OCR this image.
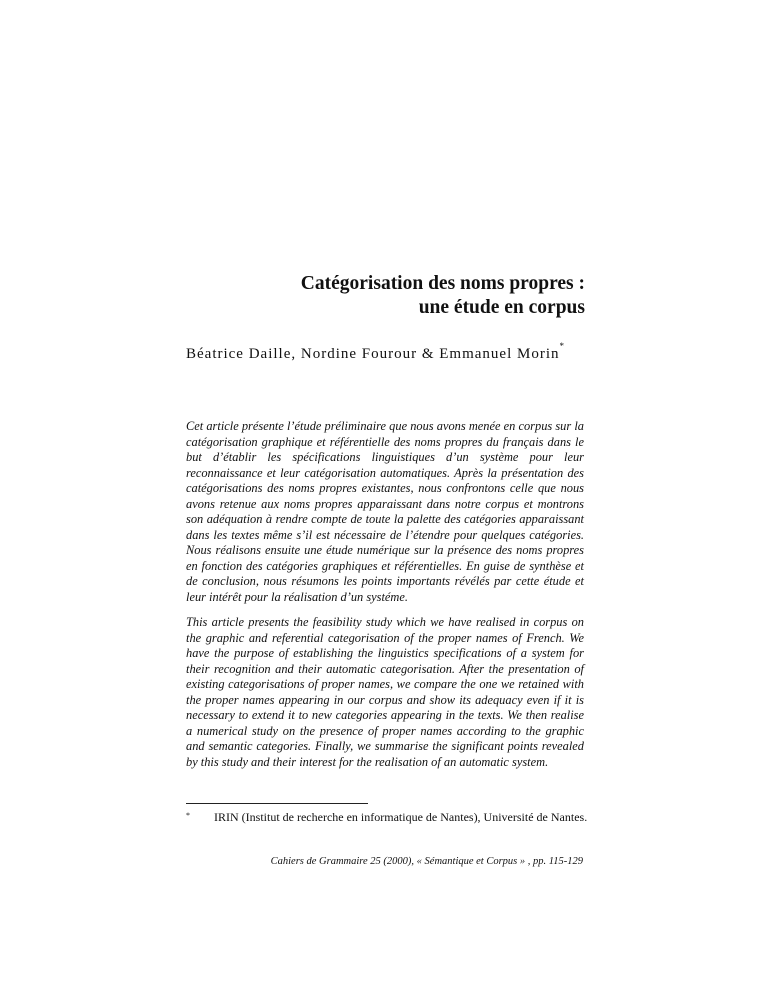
Catégorisation des noms propres :
une étude en corpus
Béatrice Daille, Nordine Fourour & Emmanuel Morin*

Cet article présente l’étude préliminaire que nous avons menée en corpus sur la catégorisation graphique et référentielle des noms propres du français dans le but d’établir les spécifications linguistiques d’un système pour leur reconnaissance et leur catégorisation automatiques. Après la présentation des catégorisations des noms propres existantes, nous confrontons celle que nous avons retenue aux noms propres apparaissant dans notre corpus et montrons son adéquation à rendre compte de toute la palette des catégories apparaissant dans les textes même s’il est nécessaire de l’étendre pour quelques catégories. Nous réalisons ensuite une étude numérique sur la présence des noms propres en fonction des catégories graphiques et référentielles. En guise de synthèse et de conclusion, nous résumons les points importants révélés par cette étude et leur intérêt pour la réalisation d’un systéme.

This article presents the feasibility study which we have realised in corpus on the graphic and referential categorisation of the proper names of French. We have the purpose of establishing the linguistics specifications of a system for their recognition and their automatic categorisation. After the presentation of existing categorisations of proper names, we compare the one we retained with the proper names appearing in our corpus and show its adequacy even if it is necessary to extend it to new categories appearing in the texts. We then realise a numerical study on the presence of proper names according to the graphic and semantic categories. Finally, we summarise the significant points revealed by this study and their interest for the realisation of an automatic system.

* IRIN (Institut de recherche en informatique de Nantes), Université de Nantes.
Cahiers de Grammaire 25 (2000), « Sémantique et Corpus » , pp. 115-129
